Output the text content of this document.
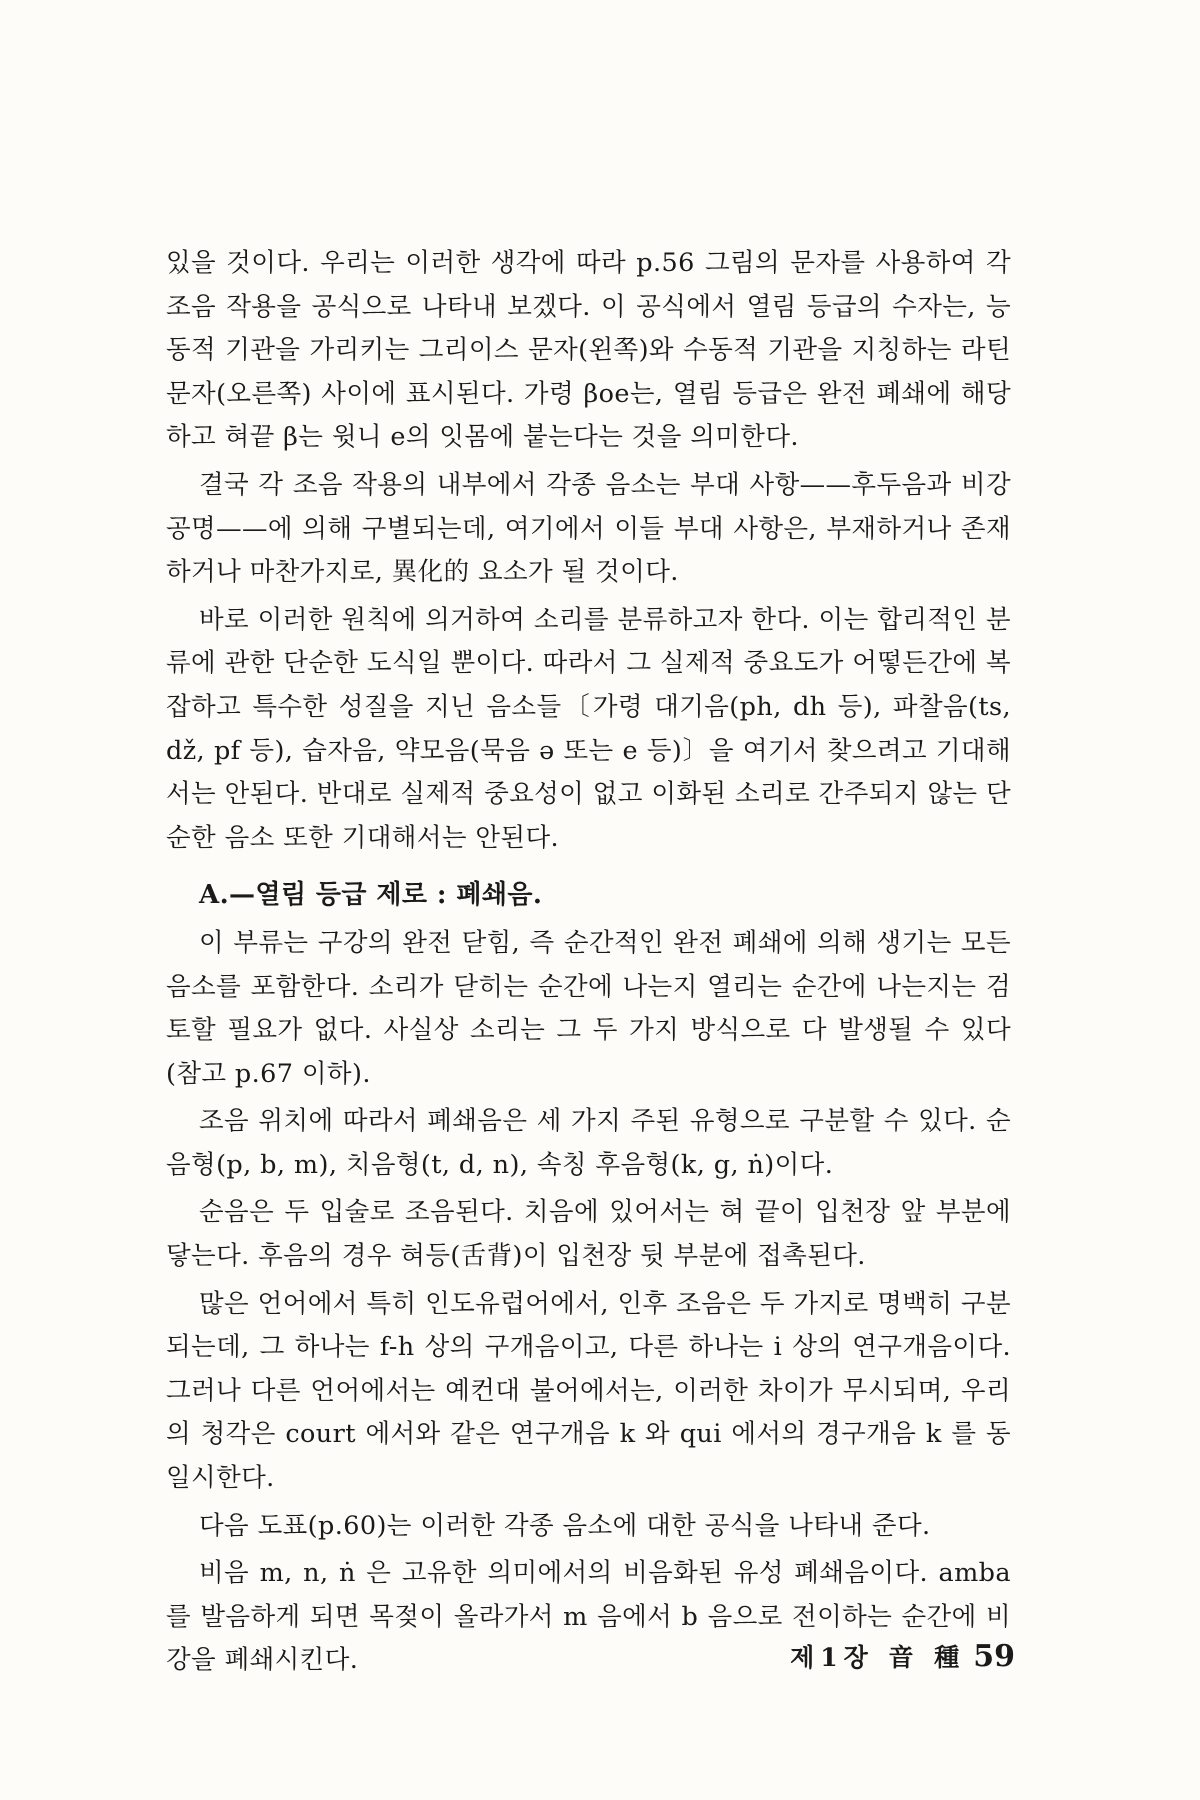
있을 것이다. 우리는 이러한 생각에 따라 p.56 그림의 문자를 사용하여 각 조음 작용을 공식으로 나타내 보겠다. 이 공식에서 열림 등급의 수자는, 능동적 기관을 가리키는 그리이스 문자(왼쪽)와 수동적 기관을 지칭하는 라틴 문자(오른쪽) 사이에 표시된다. 가령 βoe는, 열림 등급은 완전 폐쇄에 해당하고 혀끝 β는 윗니 e의 잇몸에 붙는다는 것을 의미한다.

결국 각 조음 작용의 내부에서 각종 음소는 부대 사항——후두음과 비강 공명——에 의해 구별되는데, 여기에서 이들 부대 사항은, 부재하거나 존재하거나 마찬가지로, 異化的 요소가 될 것이다.

바로 이러한 원칙에 의거하여 소리를 분류하고자 한다. 이는 합리적인 분류에 관한 단순한 도식일 뿐이다. 따라서 그 실제적 중요도가 어떻든간에 복잡하고 특수한 성질을 지닌 음소들〔가령 대기음(ph, dh 등), 파찰음(ts, dž, pf 등), 습자음, 약모음(묵음 ə 또는 e 등)〕을 여기서 찾으려고 기대해서는 안된다. 반대로 실제적 중요성이 없고 이화된 소리로 간주되지 않는 단순한 음소 또한 기대해서는 안된다.

A.—열림 등급 제로 : 폐쇄음.

이 부류는 구강의 완전 닫힘, 즉 순간적인 완전 폐쇄에 의해 생기는 모든 음소를 포함한다. 소리가 닫히는 순간에 나는지 열리는 순간에 나는지는 검토할 필요가 없다. 사실상 소리는 그 두 가지 방식으로 다 발생될 수 있다(참고 p.67 이하).

조음 위치에 따라서 폐쇄음은 세 가지 주된 유형으로 구분할 수 있다. 순음형(p, b, m), 치음형(t, d, n), 속칭 후음형(k, g, ṅ)이다.

순음은 두 입술로 조음된다. 치음에 있어서는 혀 끝이 입천장 앞 부분에 닿는다. 후음의 경우 혀등(舌背)이 입천장 뒷 부분에 접촉된다.

많은 언어에서 특히 인도유럽어에서, 인후 조음은 두 가지로 명백히 구분되는데, 그 하나는 f-h 상의 구개음이고, 다른 하나는 i 상의 연구개음이다. 그러나 다른 언어에서는 예컨대 불어에서는, 이러한 차이가 무시되며, 우리의 청각은 court 에서와 같은 연구개음 k 와 qui 에서의 경구개음 k 를 동일시한다.

다음 도표(p.60)는 이러한 각종 음소에 대한 공식을 나타내 준다.

비음 m, n, ṅ 은 고유한 의미에서의 비음화된 유성 폐쇄음이다. amba 를 발음하게 되면 목젖이 올라가서 m 음에서 b 음으로 전이하는 순간에 비강을 폐쇄시킨다.	제1장 音 種 59
